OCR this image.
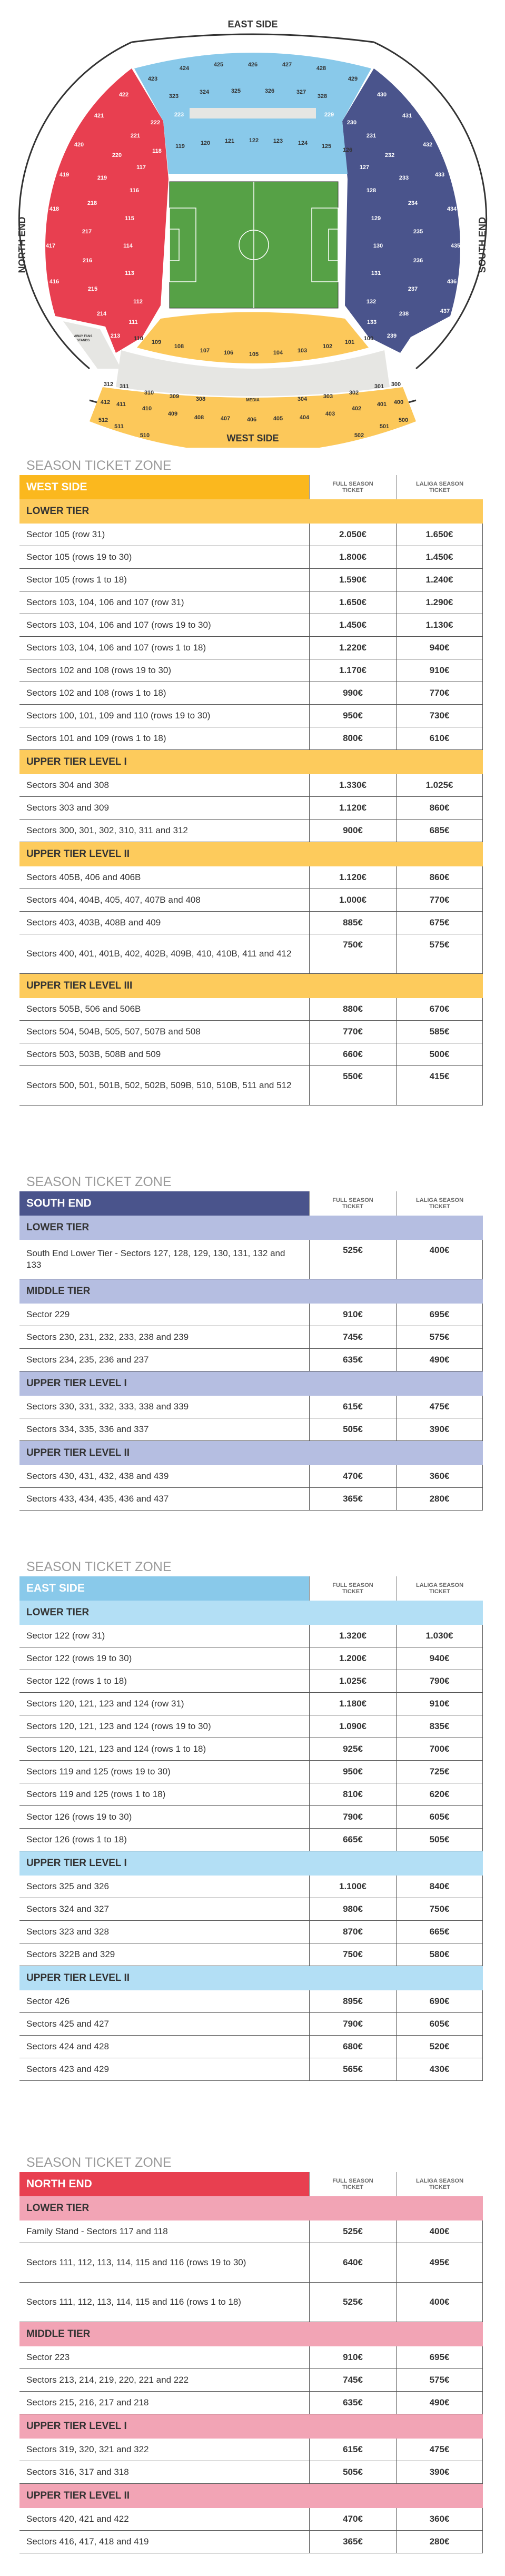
EAST SIDE
WEST SIDE
NORTH END	SOUTH END
AWAY FANS
STANDS
MEDIA
423
424
425	426	427
428
429
323
324	325	326	327
328
119	120	121	122	123	124 125
126
118
117
116
115
114
113
112
111
422
421
420
419
418
417
416
221
220
219
218
217
216
215
214
213
223
222
229
230
127
128
129
130
131
132
133
231
232
233
234
235
236
237
238
239
430
431
432
433
434
435
436
437
110
109
108
107 106	105	104	103
102
101
100
312 311
310
309	308	304	303
302
301 300
412 411
410
409
408	407	406	405	404
403
402
401 400
512
511
510	502
501
500
SEASON TICKET ZONE
WEST SIDE	FULL SEASON
TICKET
LALIGA SEASON
TICKET
LOWER TIER
Sector 105 (row 31)	2.050€	1.650€
Sector 105 (rows 19 to 30)	1.800€	1.450€
Sector 105 (rows 1 to 18)	1.590€	1.240€
Sectors 103, 104, 106 and 107 (row 31)	1.650€	1.290€
Sectors 103, 104, 106 and 107 (rows 19 to 30)	1.450€	1.130€
Sectors 103, 104, 106 and 107 (rows 1 to 18)	1.220€	940€
Sectors 102 and 108 (rows 19 to 30)	1.170€	910€
Sectors 102 and 108 (rows 1 to 18)	990€	770€
Sectors 100, 101, 109 and 110 (rows 19 to 30)	950€	730€
Sectors 101 and 109 (rows 1 to 18)	800€	610€
UPPER TIER LEVEL I
Sectors 304 and 308	1.330€	1.025€
Sectors 303 and 309	1.120€	860€
Sectors 300, 301, 302, 310, 311 and 312	900€	685€
UPPER TIER LEVEL II
Sectors 405B, 406 and 406B	1.120€	860€
Sectors 404, 404B, 405, 407, 407B and 408	1.000€	770€
Sectors 403, 403B, 408B and 409	885€	675€
Sectors 400, 401, 401B, 402, 402B, 409B, 410, 410B, 411 and 412
750€	575€
UPPER TIER LEVEL III
Sectors 505B, 506 and 506B	880€	670€
Sectors 504, 504B, 505, 507, 507B and 508	770€	585€
Sectors 503, 503B, 508B and 509	660€	500€
Sectors 500, 501, 501B, 502, 502B, 509B, 510, 510B, 511 and 512
550€	415€
SEASON TICKET ZONE
SOUTH END	FULL SEASON
TICKET
LALIGA SEASON
TICKET
LOWER TIER
South End Lower Tier - Sectors 127, 128, 129, 130, 131, 132 and 133
525€	400€
MIDDLE TIER
Sector 229	910€	695€
Sectors 230, 231, 232, 233, 238 and 239	745€	575€
Sectors 234, 235, 236 and 237	635€	490€
UPPER TIER LEVEL I
Sectors 330, 331, 332, 333, 338 and 339	615€	475€
Sectors 334, 335, 336 and 337	505€	390€
UPPER TIER LEVEL II
Sectors 430, 431, 432, 438 and 439	470€	360€
Sectors 433, 434, 435, 436 and 437	365€	280€
SEASON TICKET ZONE
EAST SIDE	FULL SEASON
TICKET
LALIGA SEASON
TICKET
LOWER TIER
Sector 122 (row 31)	1.320€	1.030€
Sector 122 (rows 19 to 30)	1.200€	940€
Sector 122 (rows 1 to 18)	1.025€	790€
Sectors 120, 121, 123 and 124 (row 31)	1.180€	910€
Sectors 120, 121, 123 and 124 (rows 19 to 30)	1.090€	835€
Sectors 120, 121, 123 and 124 (rows 1 to 18)	925€	700€
Sectors 119 and 125 (rows 19 to 30)	950€	725€
Sectors 119 and 125 (rows 1 to 18)	810€	620€
Sector 126 (rows 19 to 30)	790€	605€
Sector 126 (rows 1 to 18)	665€	505€
UPPER TIER LEVEL I
Sectors 325 and 326	1.100€	840€
Sectors 324 and 327	980€	750€
Sectors 323 and 328	870€	665€
Sectors 322B and 329	750€	580€
UPPER TIER LEVEL II
Sector 426	895€	690€
Sectors 425 and 427	790€	605€
Sectors 424 and 428	680€	520€
Sectors 423 and 429	565€	430€
SEASON TICKET ZONE
NORTH END	FULL SEASON
TICKET
LALIGA SEASON
TICKET
LOWER TIER
Family Stand - Sectors 117 and 118	525€	400€
Sectors 111, 112, 113, 114, 115 and 116 (rows 19 to 30)	640€	495€
Sectors 111, 112, 113, 114, 115 and 116 (rows 1 to 18)	525€	400€
MIDDLE TIER
Sector 223	910€	695€
Sectors 213, 214, 219, 220, 221 and 222	745€	575€
Sectors 215, 216, 217 and 218	635€	490€
UPPER TIER LEVEL I
Sectors 319, 320, 321 and 322	615€	475€
Sectors 316, 317 and 318	505€	390€
UPPER TIER LEVEL II
Sectors 420, 421 and 422	470€	360€
Sectors 416, 417, 418 and 419	365€	280€
